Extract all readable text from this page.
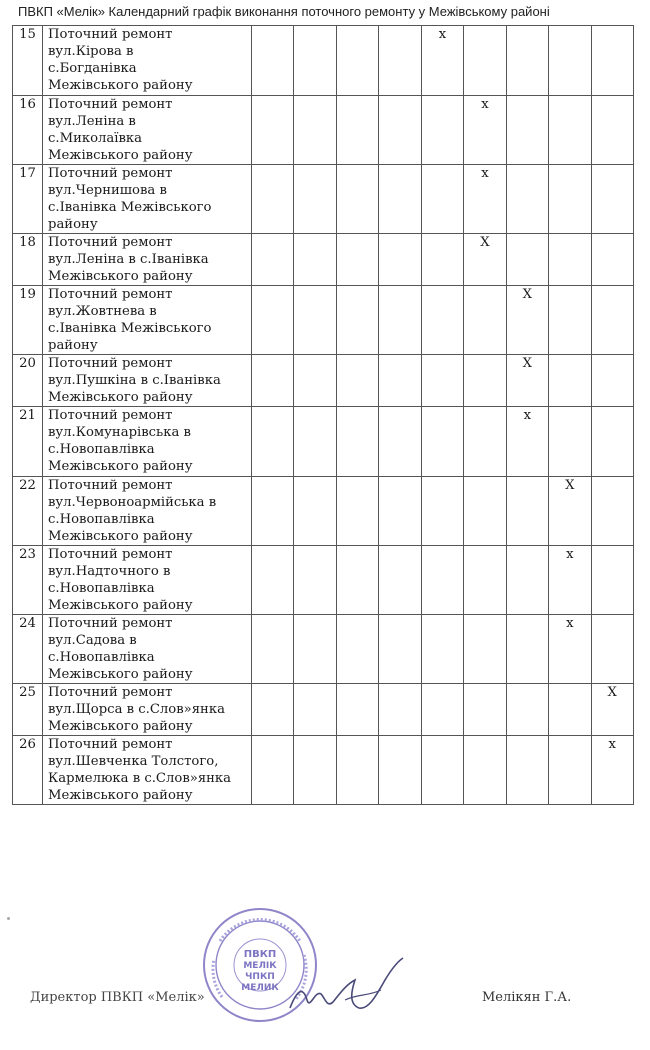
ПВКП «Мелік» Календарний графік виконання поточного ремонту у Межівському районі
15	Поточний ремонт
вул.Кірова в
с.Богданівка
Межівського району					х				
16	Поточний ремонт
вул.Леніна в
с.Миколаївка
Межівського району						х			
17	Поточний ремонт
вул.Чернишова в
с.Іванівка Межівського
району						х			
18	Поточний ремонт
вул.Леніна в с.Іванівка
Межівського району						Х			
19	Поточний ремонт
вул.Жовтнева в
с.Іванівка Межівського
району							Х		
20	Поточний ремонт
вул.Пушкіна в с.Іванівка
Межівського району							Х		
21	Поточний ремонт
вул.Комунарівська в
с.Новопавлівка
Межівського району							х		
22	Поточний ремонт
вул.Червоноармійська в
с.Новопавлівка
Межівського району								Х	
23	Поточний ремонт
вул.Надточного в
с.Новопавлівка
Межівського району								х	
24	Поточний ремонт
вул.Садова в
с.Новопавлівка
Межівського району								х	
25	Поточний ремонт
вул.Щорса в с.Слов»янка
Межівського району									Х
26	Поточний ремонт
вул.Шевченка Толстого,
Кармелюка в с.Слов»янка
Межівського району									х
ПВКП
МЕЛІК
ЧПКП
МЕЛИК
Директор ПВКП «Мелік»	Мелікян Г.А.
